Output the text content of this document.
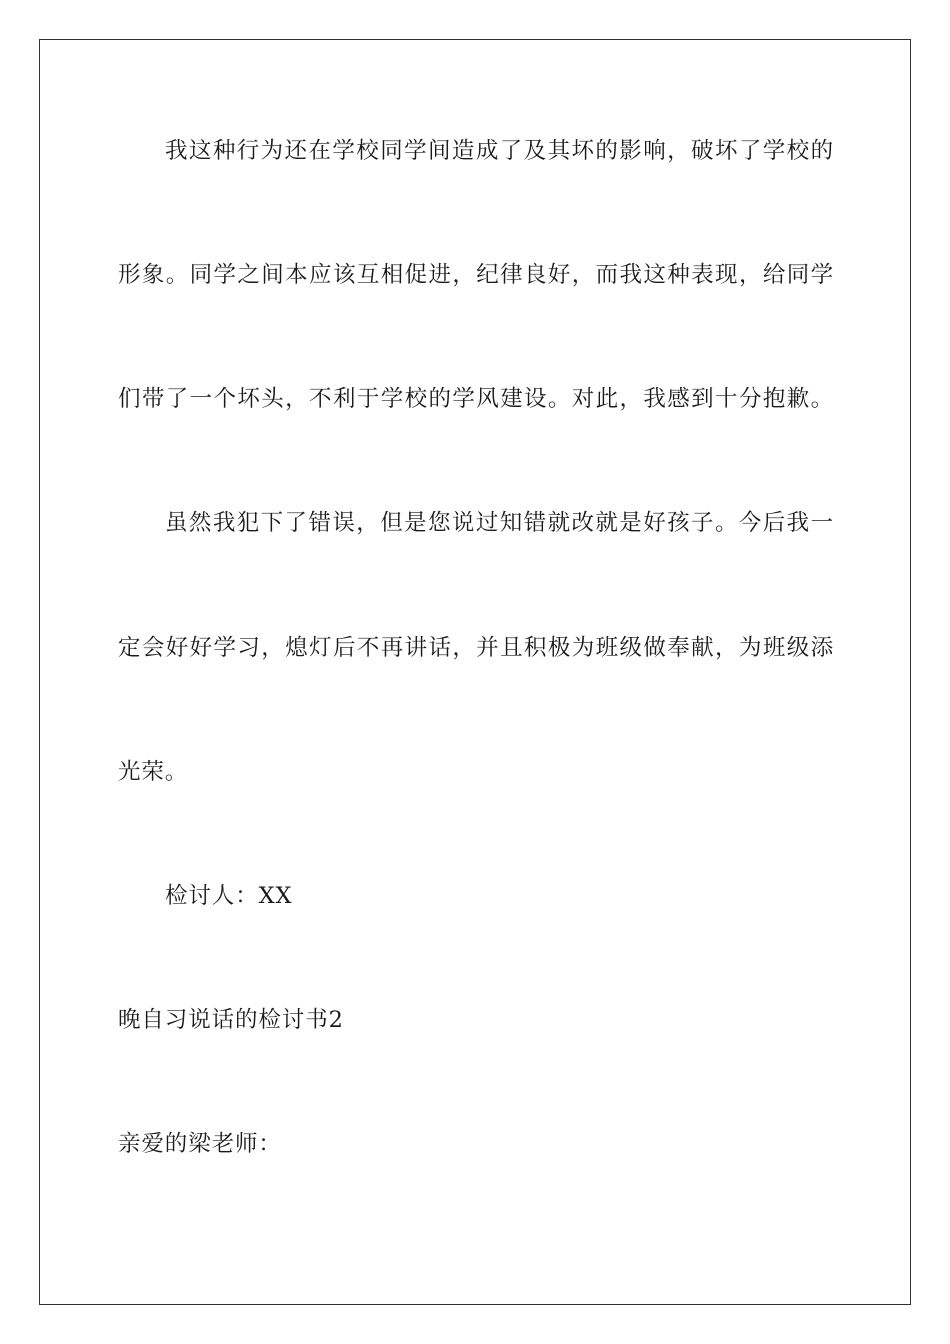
我这种行为还在学校同学间造成了及其坏的影响，破坏了学校的
形象。同学之间本应该互相促进，纪律良好，而我这种表现，给同学
们带了一个坏头，不利于学校的学风建设。对此，我感到十分抱歉。
虽然我犯下了错误，但是您说过知错就改就是好孩子。今后我一
定会好好学习，熄灯后不再讲话，并且积极为班级做奉献，为班级添
光荣。
检讨人：XX
晚自习说话的检讨书2
亲爱的梁老师：
